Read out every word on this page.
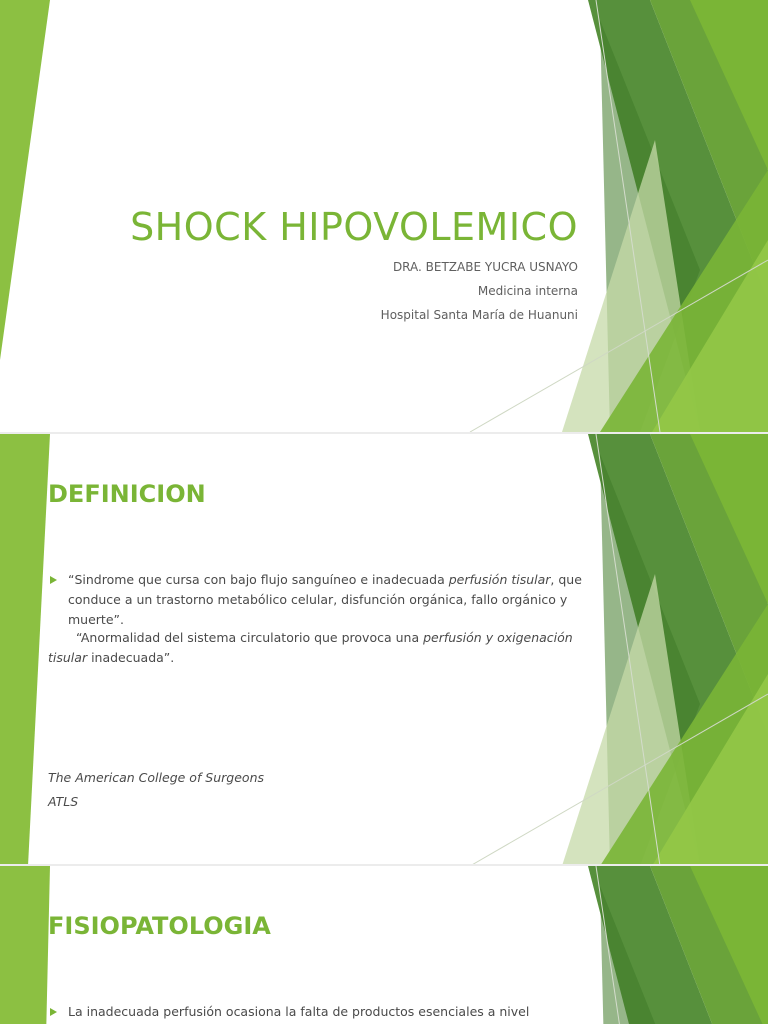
SHOCK HIPOVOLEMICO
DRA. BETZABE YUCRA USNAYO
Medicina interna
Hospital Santa María de Huanuni
DEFINICION
“Sindrome que cursa con bajo flujo sanguíneo e inadecuada perfusión tisular, que conduce a un trastorno metabólico celular, disfunción orgánica, fallo orgánico y muerte”.
“Anormalidad del sistema circulatorio que provoca una perfusión y oxigenación tisular inadecuada”.
The American College of Surgeons
ATLS
FISIOPATOLOGIA
La inadecuada perfusión ocasiona la falta de productos esenciales a nivel
